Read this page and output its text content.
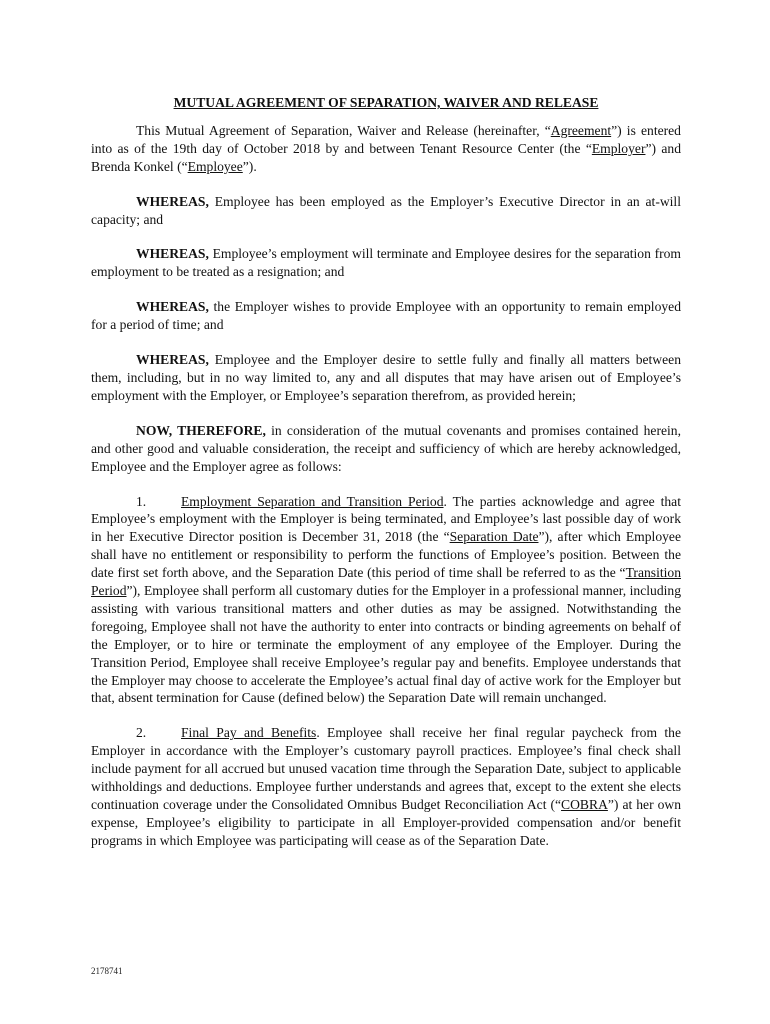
MUTUAL AGREEMENT OF SEPARATION, WAIVER AND RELEASE

This Mutual Agreement of Separation, Waiver and Release (hereinafter, “Agreement”) is entered into as of the 19th day of October 2018 by and between Tenant Resource Center (the “Employer”) and Brenda Konkel (“Employee”).

WHEREAS, Employee has been employed as the Employer’s Executive Director in an at-will capacity; and

WHEREAS, Employee’s employment will terminate and Employee desires for the separation from employment to be treated as a resignation; and

WHEREAS, the Employer wishes to provide Employee with an opportunity to remain employed for a period of time; and

WHEREAS, Employee and the Employer desire to settle fully and finally all matters between them, including, but in no way limited to, any and all disputes that may have arisen out of Employee’s employment with the Employer, or Employee’s separation therefrom, as provided herein;

NOW, THEREFORE, in consideration of the mutual covenants and promises contained herein, and other good and valuable consideration, the receipt and sufficiency of which are hereby acknowledged, Employee and the Employer agree as follows:

1.	Employment Separation and Transition Period. The parties acknowledge and agree that Employee’s employment with the Employer is being terminated, and Employee’s last possible day of work in her Executive Director position is December 31, 2018 (the “Separation Date”), after which Employee shall have no entitlement or responsibility to perform the functions of Employee’s position. Between the date first set forth above, and the Separation Date (this period of time shall be referred to as the “Transition Period”), Employee shall perform all customary duties for the Employer in a professional manner, including assisting with various transitional matters and other duties as may be assigned. Notwithstanding the foregoing, Employee shall not have the authority to enter into contracts or binding agreements on behalf of the Employer, or to hire or terminate the employment of any employee of the Employer. During the Transition Period, Employee shall receive Employee’s regular pay and benefits. Employee understands that the Employer may choose to accelerate the Employee’s actual final day of active work for the Employer but that, absent termination for Cause (defined below) the Separation Date will remain unchanged.

2.	Final Pay and Benefits. Employee shall receive her final regular paycheck from the Employer in accordance with the Employer’s customary payroll practices. Employee’s final check shall include payment for all accrued but unused vacation time through the Separation Date, subject to applicable withholdings and deductions. Employee further understands and agrees that, except to the extent she elects continuation coverage under the Consolidated Omnibus Budget Reconciliation Act (“COBRA”) at her own expense, Employee’s eligibility to participate in all Employer-provided compensation and/or benefit programs in which Employee was participating will cease as of the Separation Date.

2178741
